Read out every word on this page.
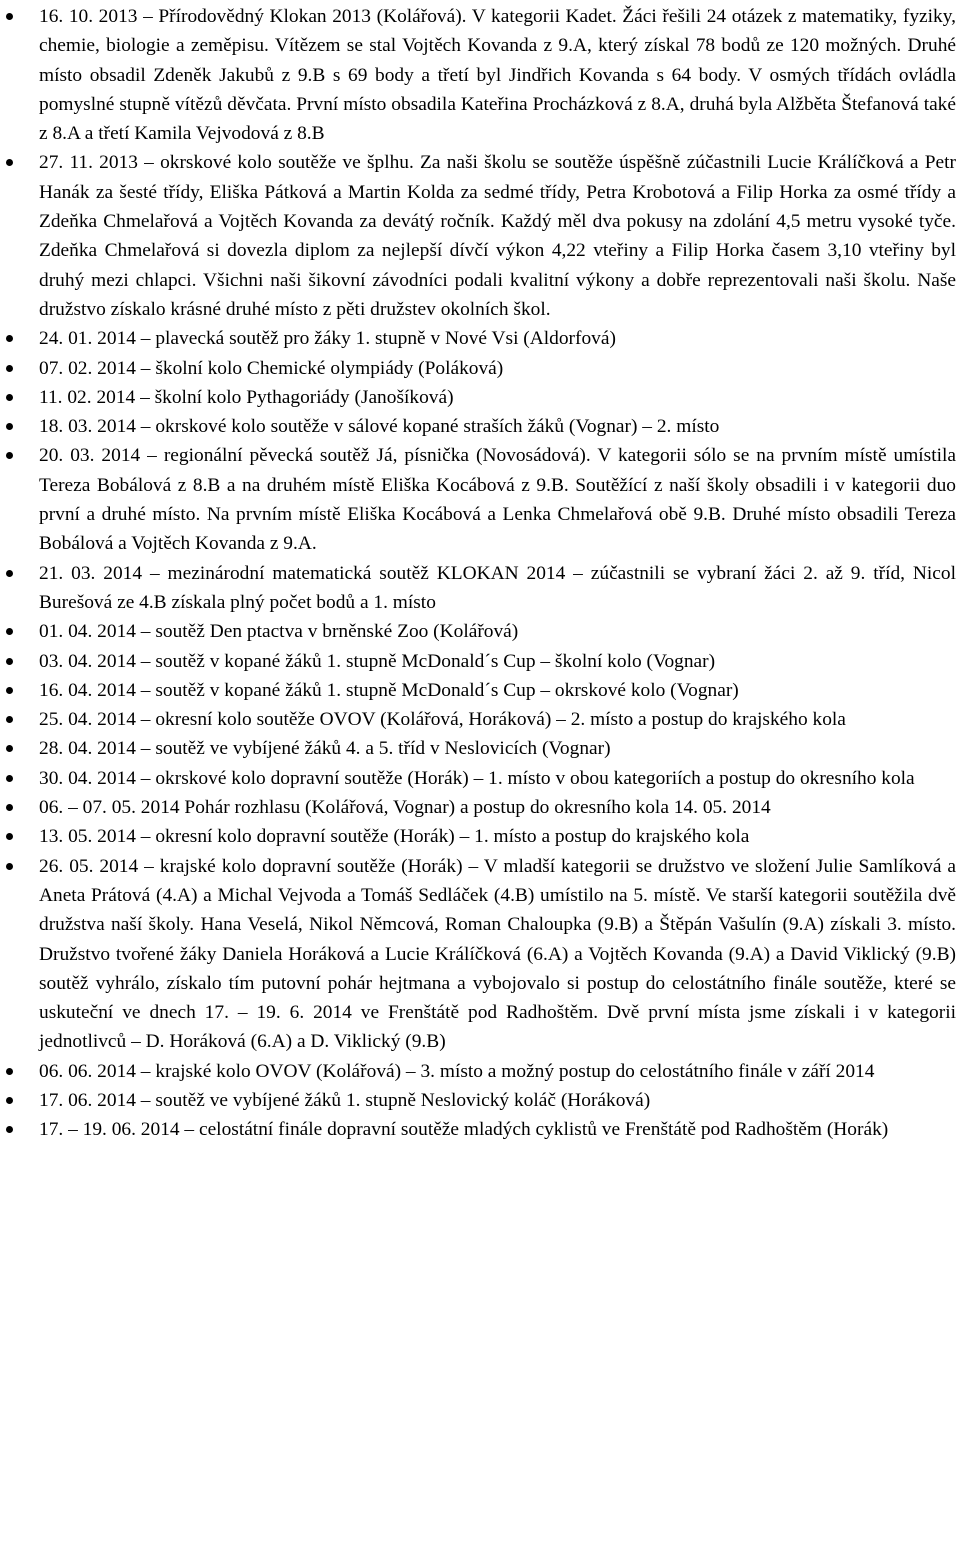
16. 10. 2013 – Přírodovědný Klokan 2013 (Kolářová). V kategorii Kadet. Žáci řešili 24 otázek z matematiky, fyziky, chemie, biologie a zeměpisu. Vítězem se stal Vojtěch Kovanda z 9.A, který získal 78 bodů ze 120 možných. Druhé místo obsadil Zdeněk Jakubů z 9.B s 69 body a třetí byl Jindřich Kovanda s 64 body. V osmých třídách ovládla pomyslné stupně vítězů děvčata. První místo obsadila Kateřina Procházková z 8.A, druhá byla Alžběta Štefanová také z 8.A a třetí Kamila Vejvodová z 8.B
27. 11. 2013 – okrskové kolo soutěže ve šplhu. Za naši školu se soutěže úspěšně zúčastnili Lucie Králíčková a Petr Hanák za šesté třídy, Eliška Pátková a Martin Kolda za sedmé třídy, Petra Krobotová a Filip Horka za osmé třídy a Zdeňka Chmelařová a Vojtěch Kovanda za devátý ročník. Každý měl dva pokusy na zdolání 4,5 metru vysoké tyče. Zdeňka Chmelařová si dovezla diplom za nejlepší dívčí výkon 4,22 vteřiny a Filip Horka časem 3,10 vteřiny byl druhý mezi chlapci. Všichni naši šikovní závodníci podali kvalitní výkony a dobře reprezentovali naši školu. Naše družstvo získalo krásné druhé místo z pěti družstev okolních škol.
24. 01. 2014 – plavecká soutěž pro žáky 1. stupně v Nové Vsi (Aldorfová)
07. 02. 2014 – školní kolo Chemické olympiády (Poláková)
11. 02. 2014 – školní kolo Pythagoriády (Janošíková)
18. 03. 2014 – okrskové kolo soutěže v sálové kopané straších žáků (Vognar) – 2. místo
20. 03. 2014 – regionální pěvecká soutěž Já, písnička (Novosádová). V kategorii sólo se na prvním místě umístila Tereza Bobálová z 8.B a na druhém místě Eliška Kocábová z 9.B. Soutěžící z naší školy obsadili i v kategorii duo první a druhé místo. Na prvním místě Eliška Kocábová a Lenka Chmelařová obě 9.B. Druhé místo obsadili Tereza Bobálová a Vojtěch Kovanda z 9.A.
21. 03. 2014 – mezinárodní matematická soutěž KLOKAN 2014 – zúčastnili se vybraní žáci 2. až 9. tříd, Nicol Burešová ze 4.B získala plný počet bodů a 1. místo
01. 04. 2014 – soutěž Den ptactva v brněnské Zoo (Kolářová)
03. 04. 2014 – soutěž v kopané žáků 1. stupně McDonald´s Cup – školní kolo (Vognar)
16. 04. 2014 – soutěž v kopané žáků 1. stupně McDonald´s Cup – okrskové kolo (Vognar)
25. 04. 2014 – okresní kolo soutěže OVOV (Kolářová, Horáková) – 2. místo a postup do krajského kola
28. 04. 2014 – soutěž ve vybíjené žáků 4. a 5. tříd v Neslovicích (Vognar)
30. 04. 2014 – okrskové kolo dopravní soutěže (Horák) – 1. místo v obou kategoriích a postup do okresního kola
06. – 07. 05. 2014 Pohár rozhlasu (Kolářová, Vognar) a postup do okresního kola 14. 05. 2014
13. 05. 2014 – okresní kolo dopravní soutěže (Horák) – 1. místo a postup do krajského kola
26. 05. 2014 – krajské kolo dopravní soutěže (Horák) – V mladší kategorii se družstvo ve složení Julie Samlíková a Aneta Prátová (4.A) a Michal Vejvoda a Tomáš Sedláček (4.B) umístilo na 5. místě. Ve starší kategorii soutěžila dvě družstva naší školy. Hana Veselá, Nikol Němcová, Roman Chaloupka (9.B) a Štěpán Vašulín (9.A) získali 3. místo. Družstvo tvořené žáky Daniela Horáková a Lucie Králíčková (6.A) a Vojtěch Kovanda (9.A) a David Viklický (9.B) soutěž vyhrálo, získalo tím putovní pohár hejtmana a vybojovalo si postup do celostátního finále soutěže, které se uskuteční ve dnech 17. – 19. 6. 2014 ve Frenštátě pod Radhoštěm. Dvě první místa jsme získali i v kategorii jednotlivců – D. Horáková (6.A) a D. Viklický (9.B)
06. 06. 2014 – krajské kolo OVOV (Kolářová) – 3. místo a možný postup do celostátního finále v září 2014
17. 06. 2014 – soutěž ve vybíjené žáků 1. stupně Neslovický koláč (Horáková)
17. – 19. 06. 2014 – celostátní finále dopravní soutěže mladých cyklistů ve Frenštátě pod Radhoštěm (Horák)
